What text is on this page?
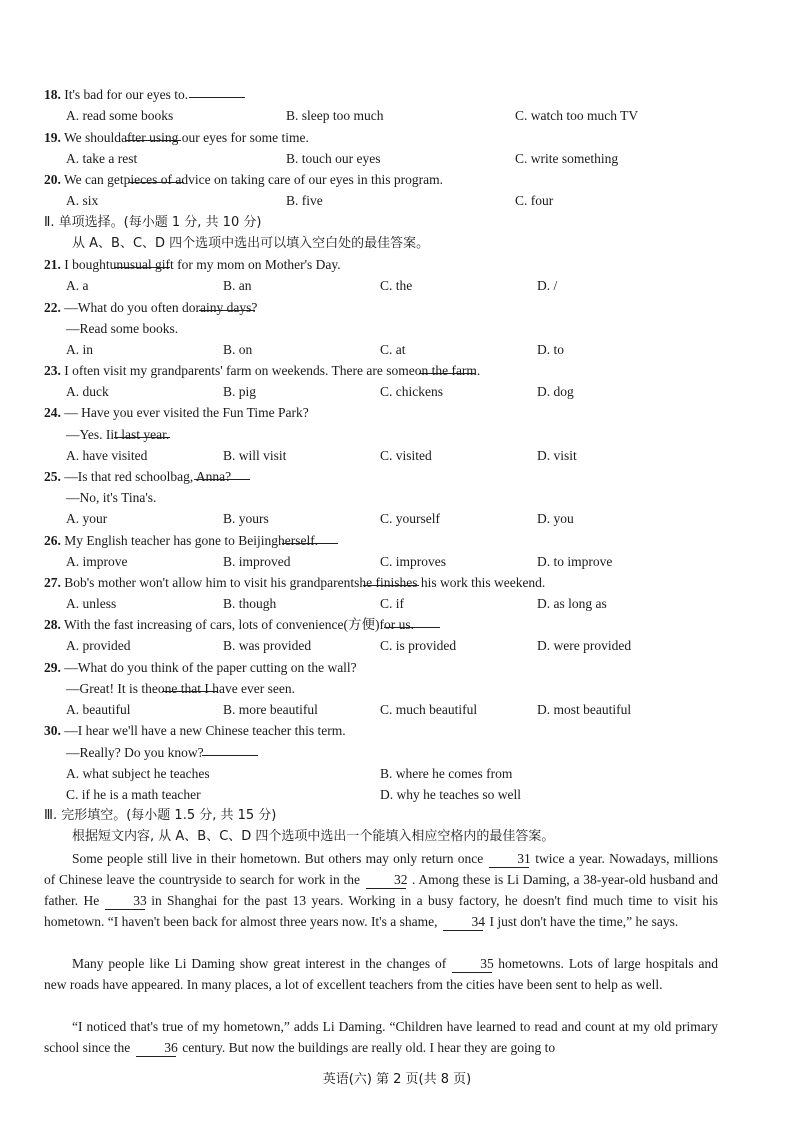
18. It's bad for our eyes to
.
A. read some books	B. sleep too much	C. watch too much TV
19. We should
after using our eyes for some time.
A. take a rest	B. touch our eyes	C. write something
20. We can get
pieces of advice on taking care of our eyes in this program.
A. six	B. five	C. four
Ⅱ. 单项选择。(每小题 1 分, 共 10 分)
从 A、B、C、D 四个选项中选出可以填入空白处的最佳答案。
21. I bought
unusual gift for my mom on Mother's Day.
A. a	B. an	C. the	D. /
22. —What do you often do
rainy days?
—Read some books.
A. in	B. on	C. at	D. to
23. I often visit my grandparents' farm on weekends. There are some
on the farm.
A. duck	B. pig	C. chickens	D. dog
24. — Have you ever visited the Fun Time Park?
—Yes. I
it last year.
A. have visited	B. will visit	C. visited	D. visit
25. —Is that red schoolbag
, Anna?
—No, it's Tina's.
A. your	B. yours	C. yourself	D. you
26. My English teacher has gone to Beijing
herself.
A. improve	B. improved	C. improves	D. to improve
27. Bob's mother won't allow him to visit his grandparents
he finishes his work this weekend.
A. unless	B. though	C. if	D. as long as
28. With the fast increasing of cars, lots of convenience(方便)
for us.
A. provided	B. was provided	C. is provided	D. were provided
29. —What do you think of the paper cutting on the wall?
—Great! It is the
one that I have ever seen.
A. beautiful	B. more beautiful	C. much beautiful	D. most beautiful
30. —I hear we'll have a new Chinese teacher this term.
—Really? Do you know
?
A. what subject he teaches	B. where he comes from
C. if he is a math teacher	D. why he teaches so well
Ⅲ. 完形填空。(每小题 1.5 分, 共 15 分)
根据短文内容, 从 A、B、C、D 四个选项中选出一个能填入相应空格内的最佳答案。
Some people still live in their hometown. But others may only return once	31 twice a year. Nowadays, millions of Chinese leave the countryside to search for work in the	32 . Among these is Li Daming, a 38-year-old husband and father. He	33 in Shanghai for the past 13 years. Working in a busy factory, he doesn't find much time to visit his hometown. “I haven't been back for almost three years now. It's a shame,	34 I just don't have the time,” he says.
Many people like Li Daming show great interest in the changes of	35 hometowns. Lots of large hospitals and new roads have appeared. In many places, a lot of excellent teachers from the cities have been sent to help as well.
“I noticed that's true of my hometown,” adds Li Daming. “Children have learned to read and count at my old primary school since the	36 century. But now the buildings are really old. I hear they are going to
英语(六) 第 2 页(共 8 页)
